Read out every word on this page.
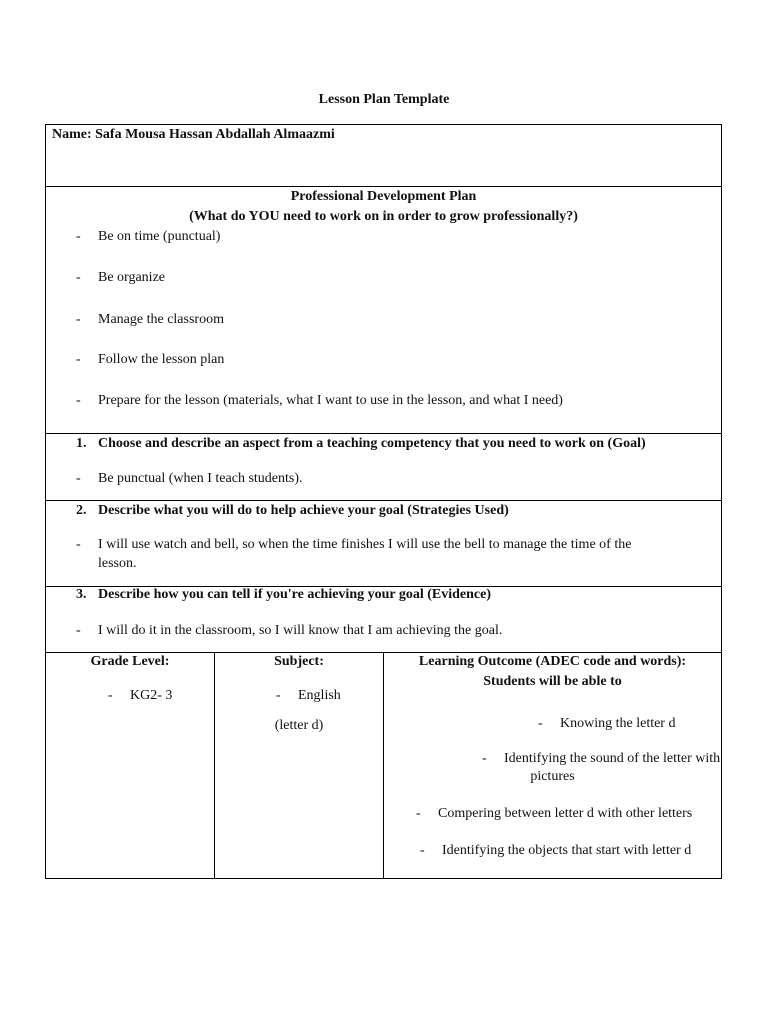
Lesson Plan Template
Name: Safa Mousa Hassan Abdallah Almaazmi
Professional Development Plan
(What do YOU need to work on in order to grow professionally?)
- Be on time (punctual)
- Be organize
- Manage the classroom
- Follow the lesson plan
- Prepare for the lesson (materials, what I want to use in the lesson, and what I need)
1. Choose and describe an aspect from a teaching competency that you need to work on (Goal)
- Be punctual (when I teach students).
2. Describe what you will do to help achieve your goal (Strategies Used)
- I will use watch and bell, so when the time finishes I will use the bell to manage the time of the
lesson.
3. Describe how you can tell if you're achieving your goal (Evidence)
- I will do it in the classroom, so I will know that I am achieving the goal.
Grade Level:
- KG2- 3
Subject:
- English
(letter d)
Learning Outcome (ADEC code and words):
Students will be able to
- Knowing the letter d
- Identifying the sound of the letter with
pictures
- Compering between letter d with other letters
- Identifying the objects that start with letter d
